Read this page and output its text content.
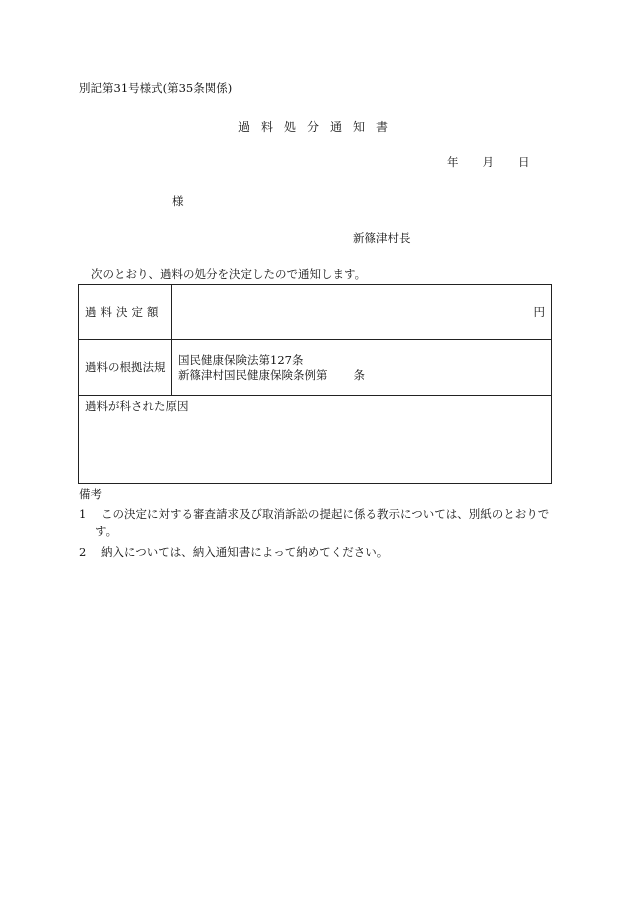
別記第31号様式(第35条関係)
過 料 処 分 通 知 書
年 月 日
様
新篠津村長
次のとおり、過料の処分を決定したので通知します。
過料決定額	円
過料の根拠法規 国民健康保険法第127条
新篠津村国民健康保険条例第 条
過料が科された原因
備考
1 この決定に対する審査請求及び取消訴訟の提起に係る教示については、別紙のとおりで
す。
2 納入については、納入通知書によって納めてください。
